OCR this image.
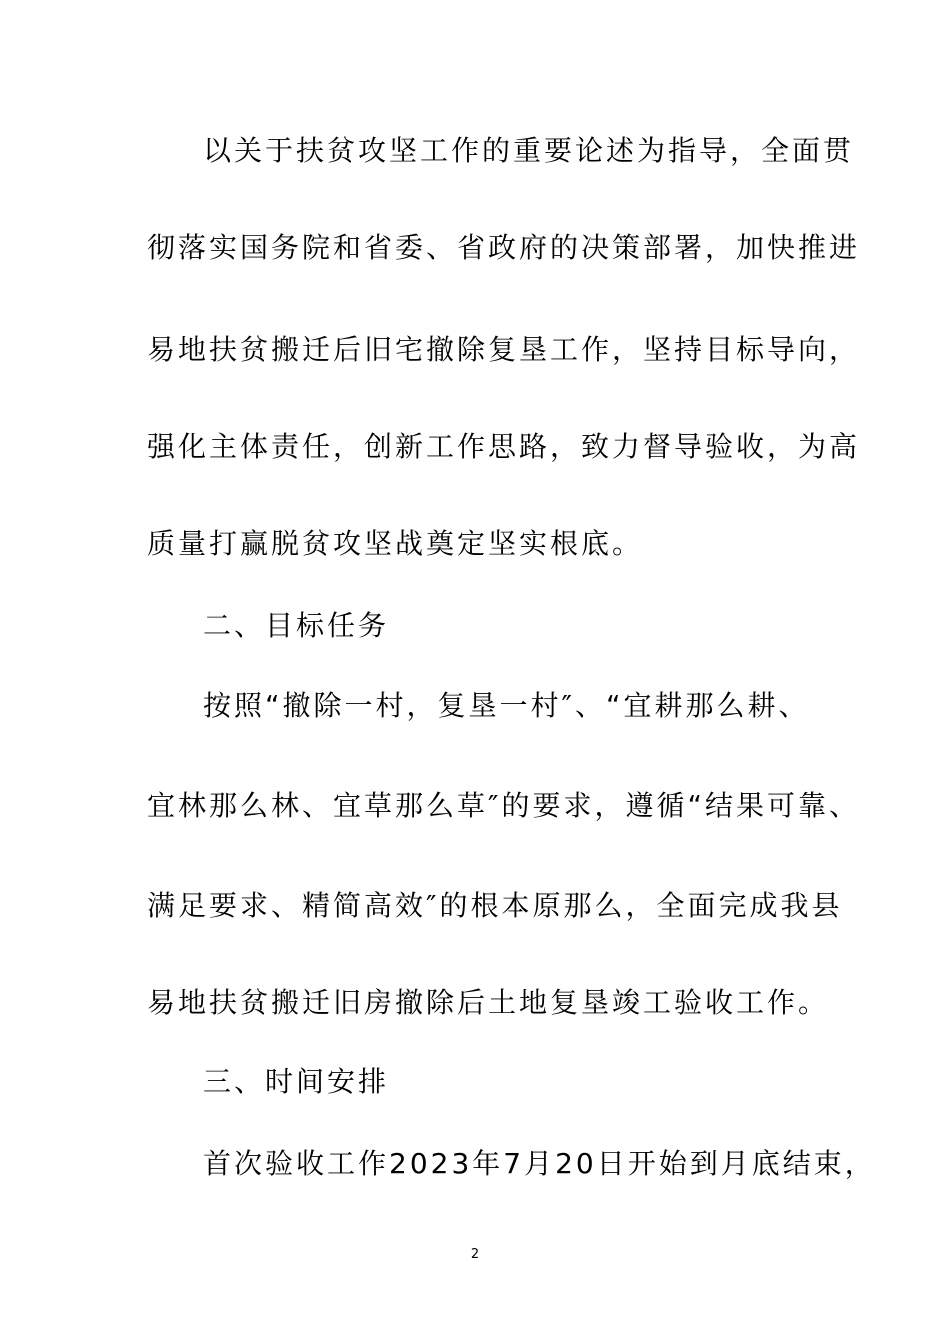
以关于扶贫攻坚工作的重要论述为指导，全面贯
彻落实国务院和省委、省政府的决策部署，加快推进
易地扶贫搬迁后旧宅撤除复垦工作，坚持目标导向，
强化主体责任，创新工作思路，致力督导验收，为高
质量打赢脱贫攻坚战奠定坚实根底。
二、目标任务
按照“撤除一村，复垦一村″、“宜耕那么耕、
宜林那么林、宜草那么草″的要求，遵循“结果可靠、
满足要求、精简高效″的根本原那么，全面完成我县
易地扶贫搬迁旧房撤除后土地复垦竣工验收工作。
三、时间安排
首次验收工作2023年7月20日开始到月底结束，
2
